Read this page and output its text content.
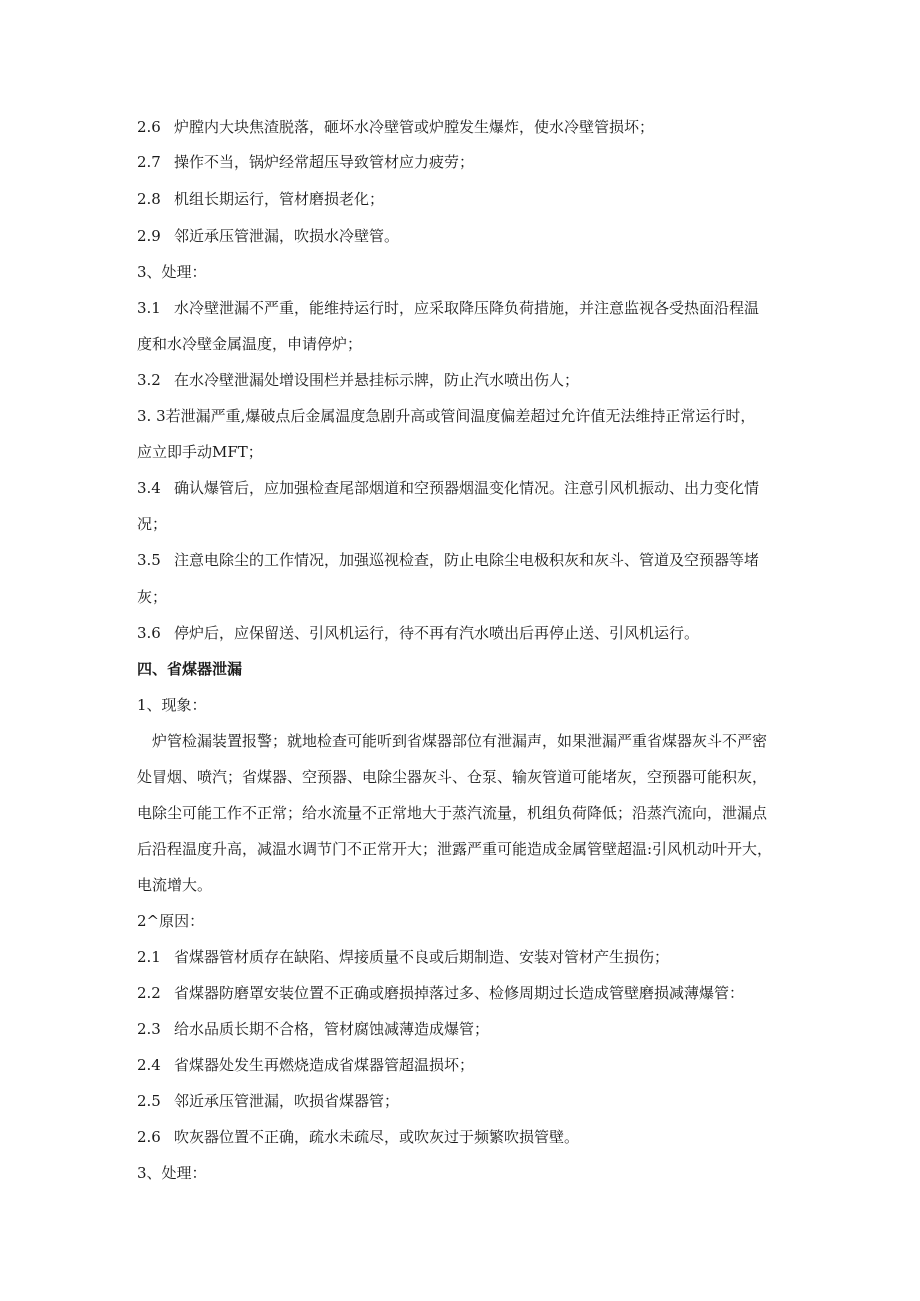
2.6 炉膛内大块焦渣脱落，砸坏水冷壁管或炉膛发生爆炸，使水冷壁管损坏；
2.7 操作不当，锅炉经常超压导致管材应力疲劳；
2.8 机组长期运行，管材磨损老化；
2.9 邻近承压管泄漏，吹损水冷壁管。
3、处理：
3.1 水冷壁泄漏不严重，能维持运行时，应采取降压降负荷措施，并注意监视各受热面沿程温
度和水冷壁金属温度，申请停炉；
3.2 在水冷壁泄漏处增设围栏并悬挂标示牌，防止汽水喷出伤人；
3. 3若泄漏严重,爆破点后金属温度急剧升高或管间温度偏差超过允许值无法维持正常运行时，
应立即手动MFT；
3.4 确认爆管后，应加强检查尾部烟道和空预器烟温变化情况。注意引风机振动、出力变化情
况；
3.5 注意电除尘的工作情况，加强巡视检查，防止电除尘电极积灰和灰斗、管道及空预器等堵
灰；
3.6 停炉后，应保留送、引风机运行，待不再有汽水喷出后再停止送、引风机运行。
四、省煤器泄漏
1、现象：
炉管检漏装置报警；就地检查可能听到省煤器部位有泄漏声，如果泄漏严重省煤器灰斗不严密
处冒烟、喷汽；省煤器、空预器、电除尘器灰斗、仓泵、输灰管道可能堵灰，空预器可能积灰，
电除尘可能工作不正常；给水流量不正常地大于蒸汽流量，机组负荷降低；沿蒸汽流向，泄漏点
后沿程温度升高，减温水调节门不正常开大；泄露严重可能造成金属管壁超温:引风机动叶开大，
电流增大。
2^原因：
2.1 省煤器管材质存在缺陷、焊接质量不良或后期制造、安装对管材产生损伤；
2.2 省煤器防磨罩安装位置不正确或磨损掉落过多、检修周期过长造成管壁磨损减薄爆管：
2.3 给水品质长期不合格，管材腐蚀减薄造成爆管；
2.4 省煤器处发生再燃烧造成省煤器管超温损坏；
2.5 邻近承压管泄漏，吹损省煤器管；
2.6 吹灰器位置不正确，疏水未疏尽，或吹灰过于频繁吹损管壁。
3、处理：
